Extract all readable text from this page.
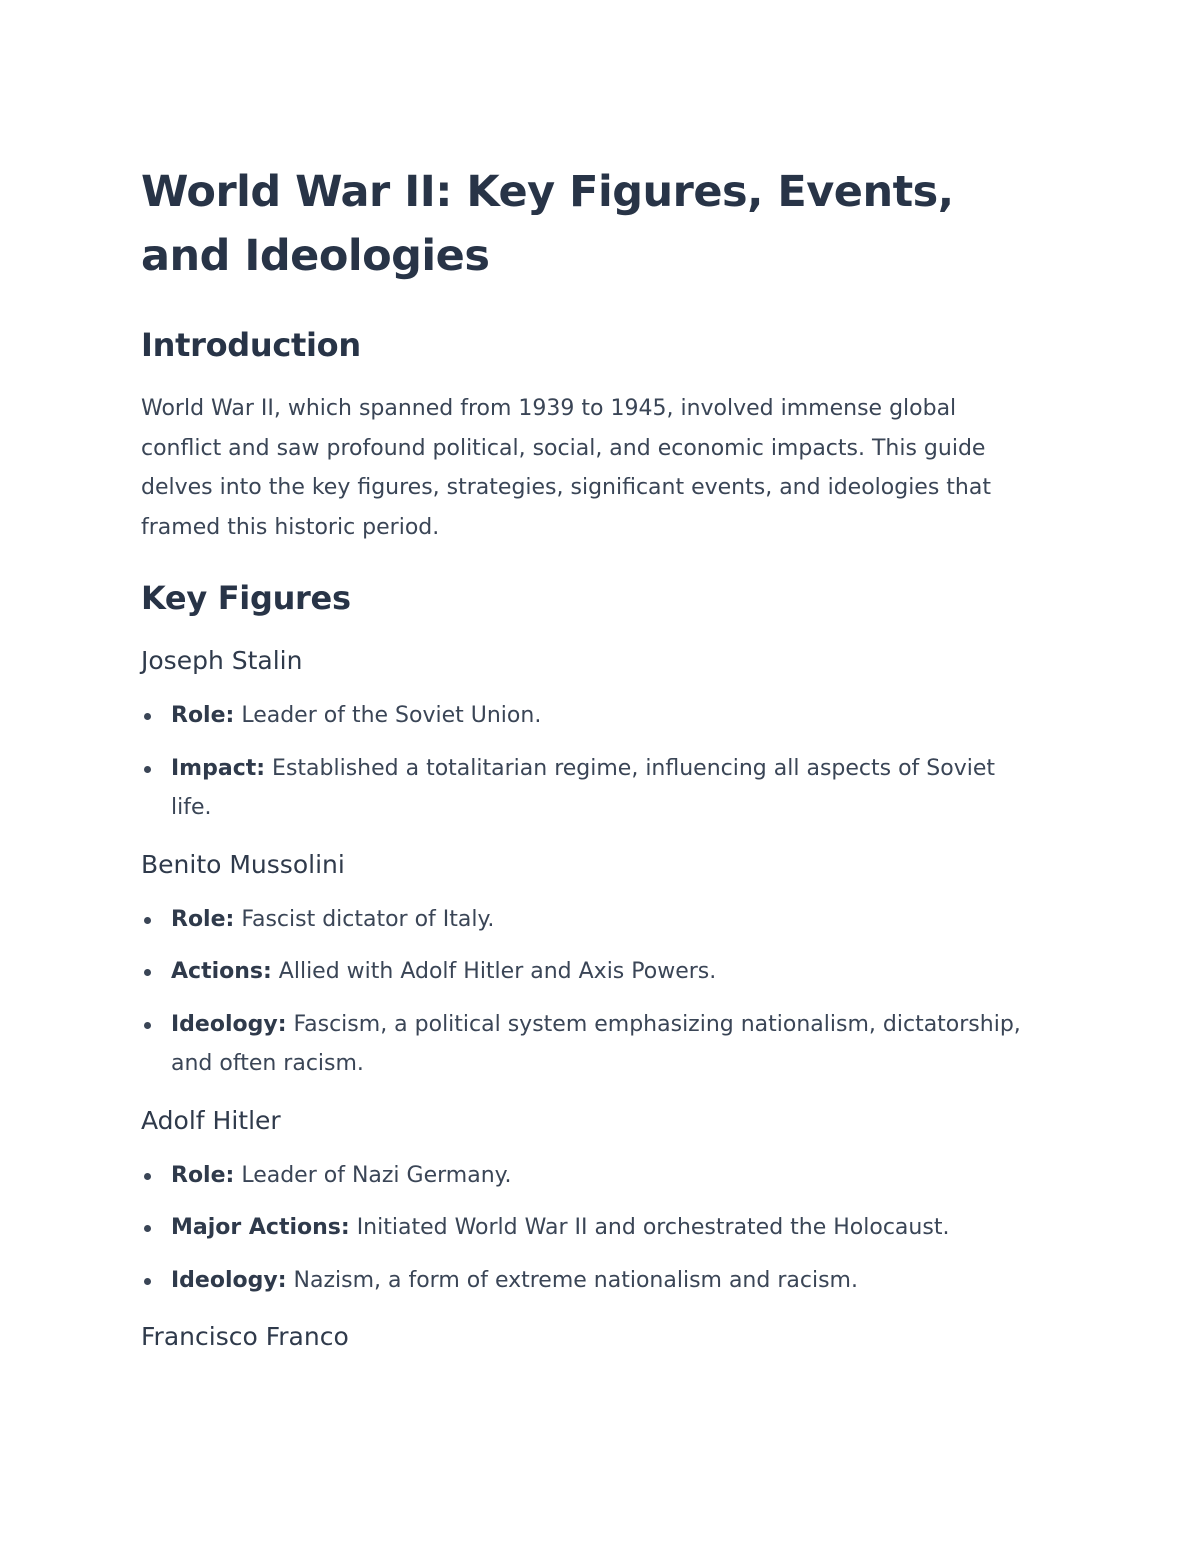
World War II: Key Figures, Events, and Ideologies
Introduction

World War II, which spanned from 1939 to 1945, involved immense global conflict and saw profound political, social, and economic impacts. This guide delves into the key figures, strategies, significant events, and ideologies that framed this historic period.

Key Figures
Joseph Stalin
Role: Leader of the Soviet Union.
Impact: Established a totalitarian regime, influencing all aspects of Soviet life.
Benito Mussolini
Role: Fascist dictator of Italy.
Actions: Allied with Adolf Hitler and Axis Powers.
Ideology: Fascism, a political system emphasizing nationalism, dictatorship, and often racism.
Adolf Hitler
Role: Leader of Nazi Germany.
Major Actions: Initiated World War II and orchestrated the Holocaust.
Ideology: Nazism, a form of extreme nationalism and racism.
Francisco Franco
